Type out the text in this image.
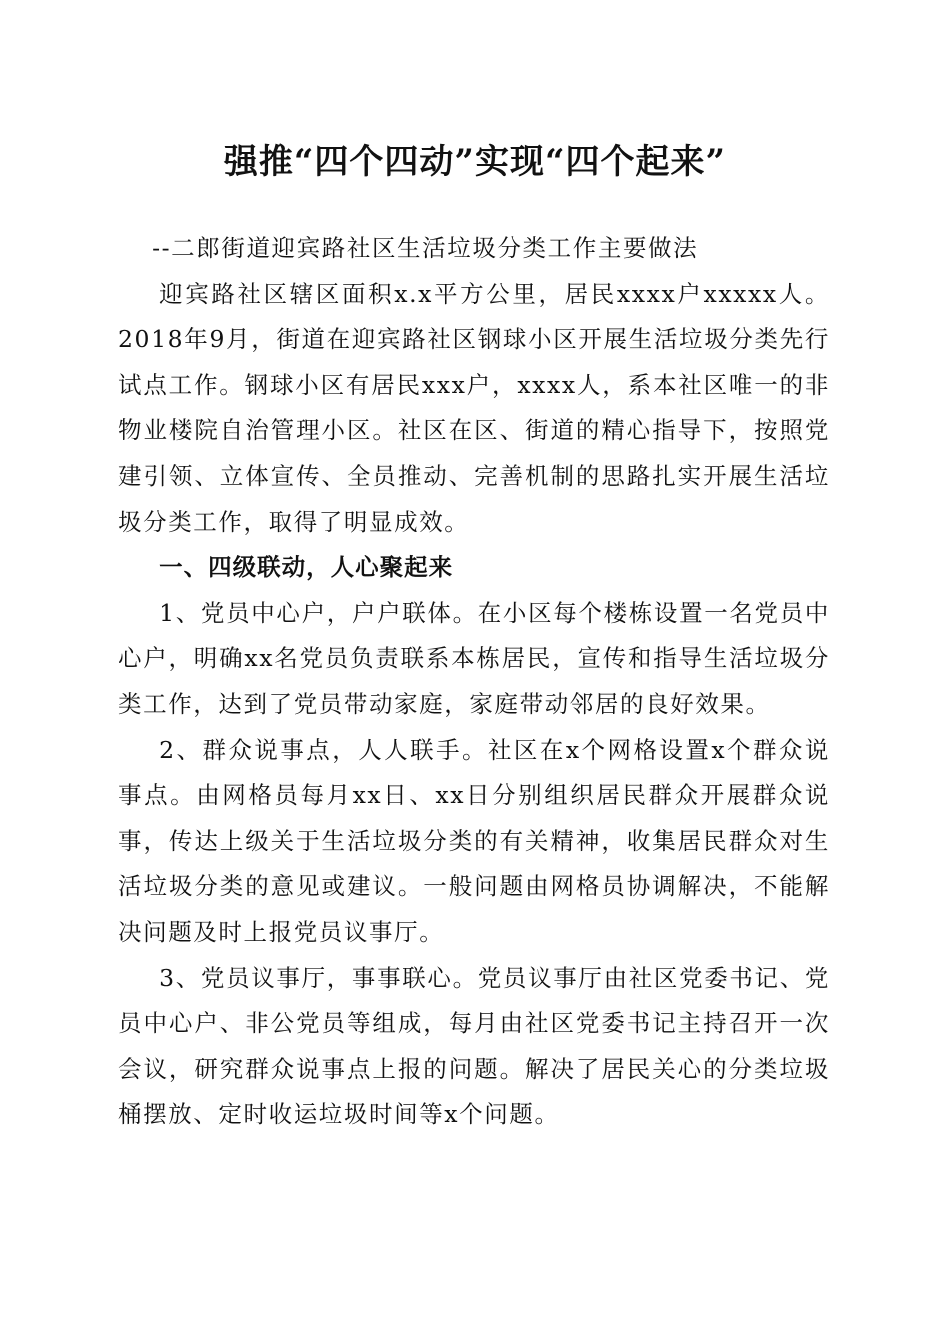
强推“四个四动”实现“四个起来”

--二郎街道迎宾路社区生活垃圾分类工作主要做法

迎宾路社区辖区面积x.x平方公里，居民xxxx户xxxxx人。2018年9月，街道在迎宾路社区钢球小区开展生活垃圾分类先行试点工作。钢球小区有居民xxx户，xxxx人，系本社区唯一的非物业楼院自治管理小区。社区在区、街道的精心指导下，按照党建引领、立体宣传、全员推动、完善机制的思路扎实开展生活垃圾分类工作，取得了明显成效。

一、四级联动，人心聚起来

1、党员中心户，户户联体。在小区每个楼栋设置一名党员中心户，明确xx名党员负责联系本栋居民，宣传和指导生活垃圾分类工作，达到了党员带动家庭，家庭带动邻居的良好效果。

2、群众说事点，人人联手。社区在x个网格设置x个群众说事点。由网格员每月xx日、xx日分别组织居民群众开展群众说事，传达上级关于生活垃圾分类的有关精神，收集居民群众对生活垃圾分类的意见或建议。一般问题由网格员协调解决，不能解决问题及时上报党员议事厅。

3、党员议事厅，事事联心。党员议事厅由社区党委书记、党员中心户、非公党员等组成，每月由社区党委书记主持召开一次会议，研究群众说事点上报的问题。解决了居民关心的分类垃圾桶摆放、定时收运垃圾时间等x个问题。
